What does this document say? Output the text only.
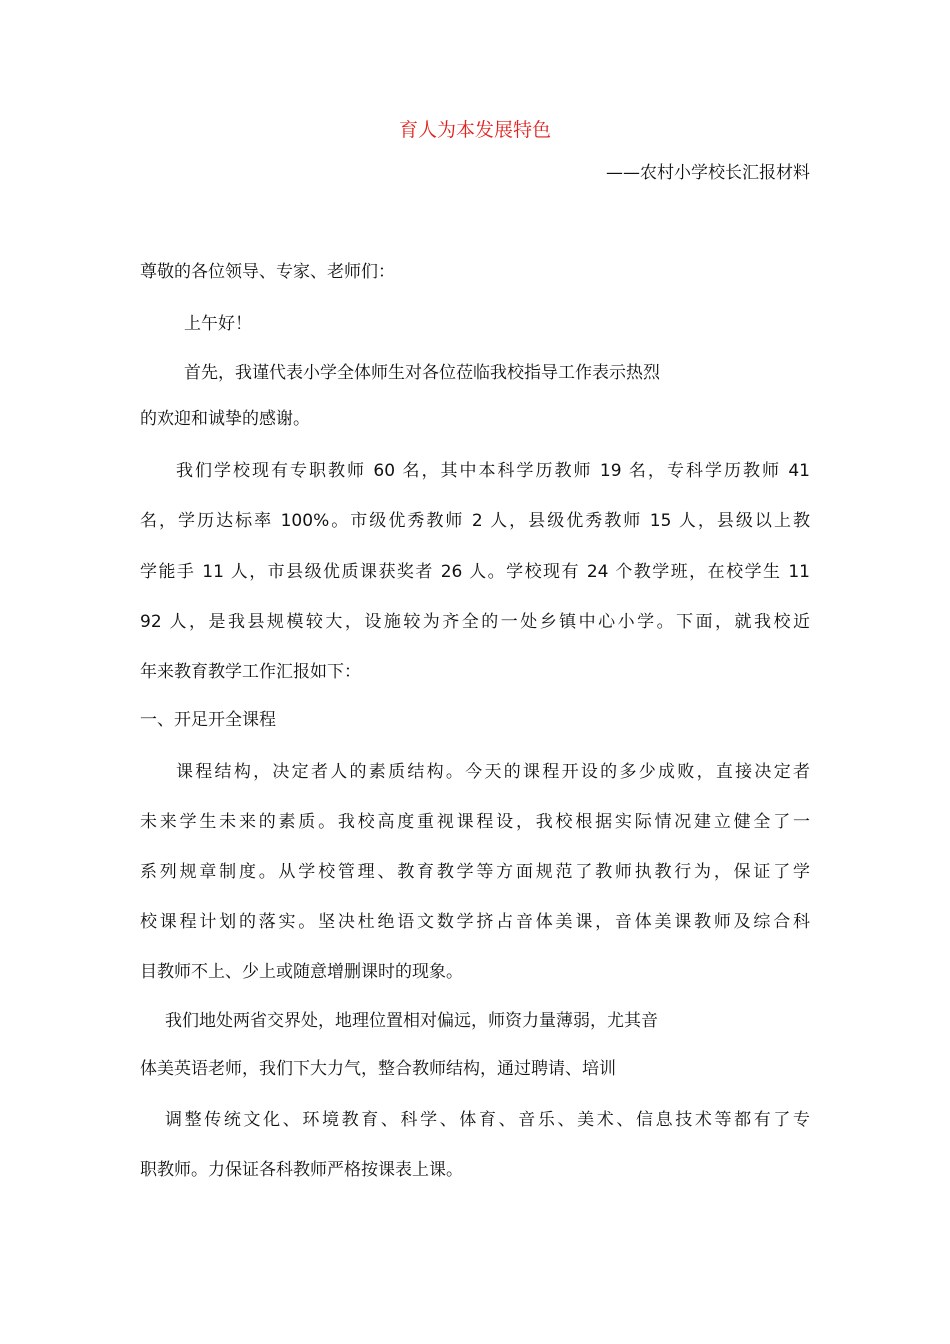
育人为本发展特色
——农村小学校长汇报材料
尊敬的各位领导、专家、老师们：
上午好！
首先，我谨代表小学全体师生对各位莅临我校指导工作表示热烈
的欢迎和诚挚的感谢。
我们学校现有专职教师 60 名，其中本科学历教师 19 名，专科学历教师 41
名，学历达标率 100%。市级优秀教师 2 人，县级优秀教师 15 人，县级以上教
学能手 11 人，市县级优质课获奖者 26 人。学校现有 24 个教学班，在校学生 11
92 人，是我县规模较大，设施较为齐全的一处乡镇中心小学。下面，就我校近
年来教育教学工作汇报如下：
一、开足开全课程
课程结构，决定者人的素质结构。今天的课程开设的多少成败，直接决定者
未来学生未来的素质。我校高度重视课程设，我校根据实际情况建立健全了一
系列规章制度。从学校管理、教育教学等方面规范了教师执教行为，保证了学
校课程计划的落实。坚决杜绝语文数学挤占音体美课，音体美课教师及综合科
目教师不上、少上或随意增删课时的现象。
我们地处两省交界处，地理位置相对偏远，师资力量薄弱，尤其音
体美英语老师，我们下大力气，整合教师结构，通过聘请、培训
调整传统文化、环境教育、科学、体育、音乐、美术、信息技术等都有了专
职教师。力保证各科教师严格按课表上课。
